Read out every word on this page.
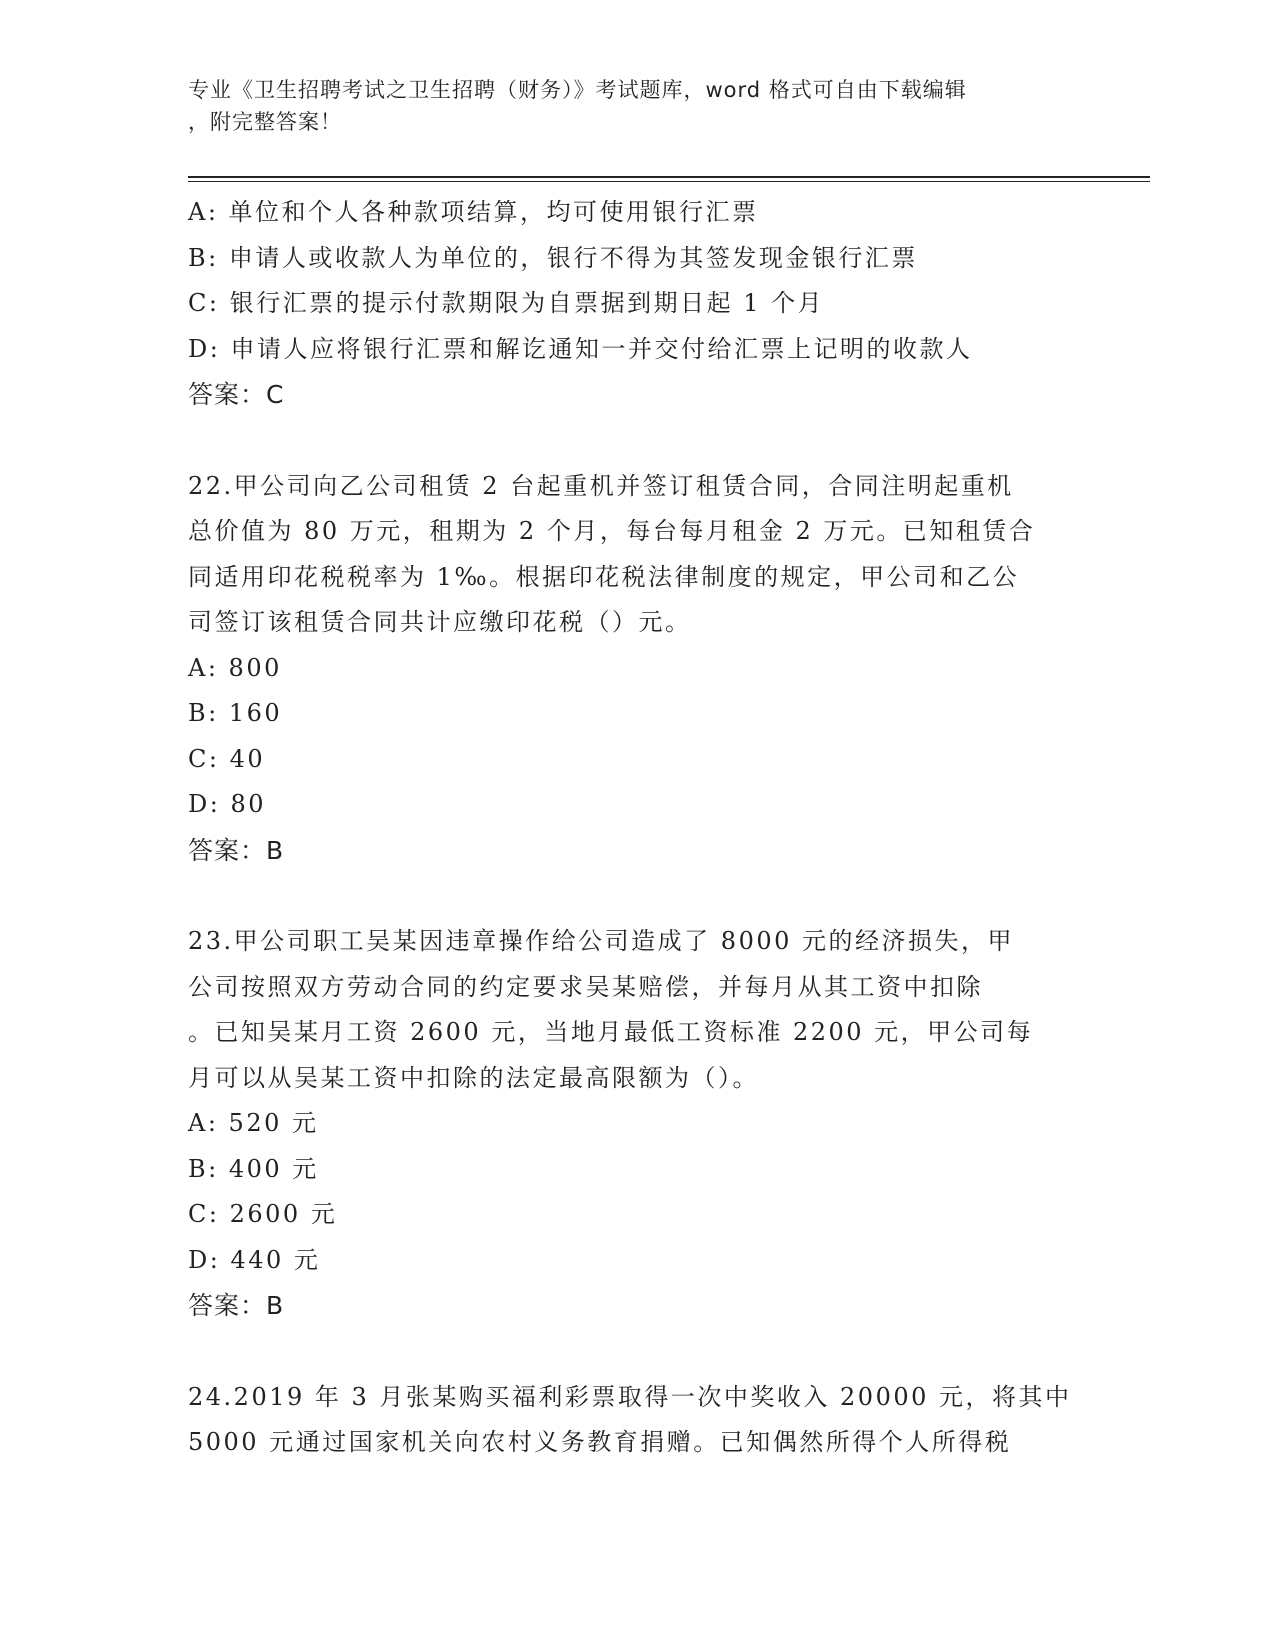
专业《卫生招聘考试之卫生招聘（财务）》考试题库，word 格式可自由下载编辑
，附完整答案！

A: 单位和个人各种款项结算，均可使用银行汇票

B: 申请人或收款人为单位的，银行不得为其签发现金银行汇票

C: 银行汇票的提示付款期限为自票据到期日起 1 个月

D: 申请人应将银行汇票和解讫通知一并交付给汇票上记明的收款人

答案：C

22.甲公司向乙公司租赁 2 台起重机并签订租赁合同，合同注明起重机

总价值为 80 万元，租期为 2 个月，每台每月租金 2 万元。已知租赁合

同适用印花税税率为 1‰。根据印花税法律制度的规定，甲公司和乙公

司签订该租赁合同共计应缴印花税（）元。

A: 800

B: 160

C: 40

D: 80

答案：B

23.甲公司职工吴某因违章操作给公司造成了 8000 元的经济损失，甲

公司按照双方劳动合同的约定要求吴某赔偿，并每月从其工资中扣除

。已知吴某月工资 2600 元，当地月最低工资标准 2200 元，甲公司每

月可以从吴某工资中扣除的法定最高限额为（）。

A: 520 元

B: 400 元

C: 2600 元

D: 440 元

答案：B

24.2019 年 3 月张某购买福利彩票取得一次中奖收入 20000 元，将其中

5000 元通过国家机关向农村义务教育捐赠。已知偶然所得个人所得税
